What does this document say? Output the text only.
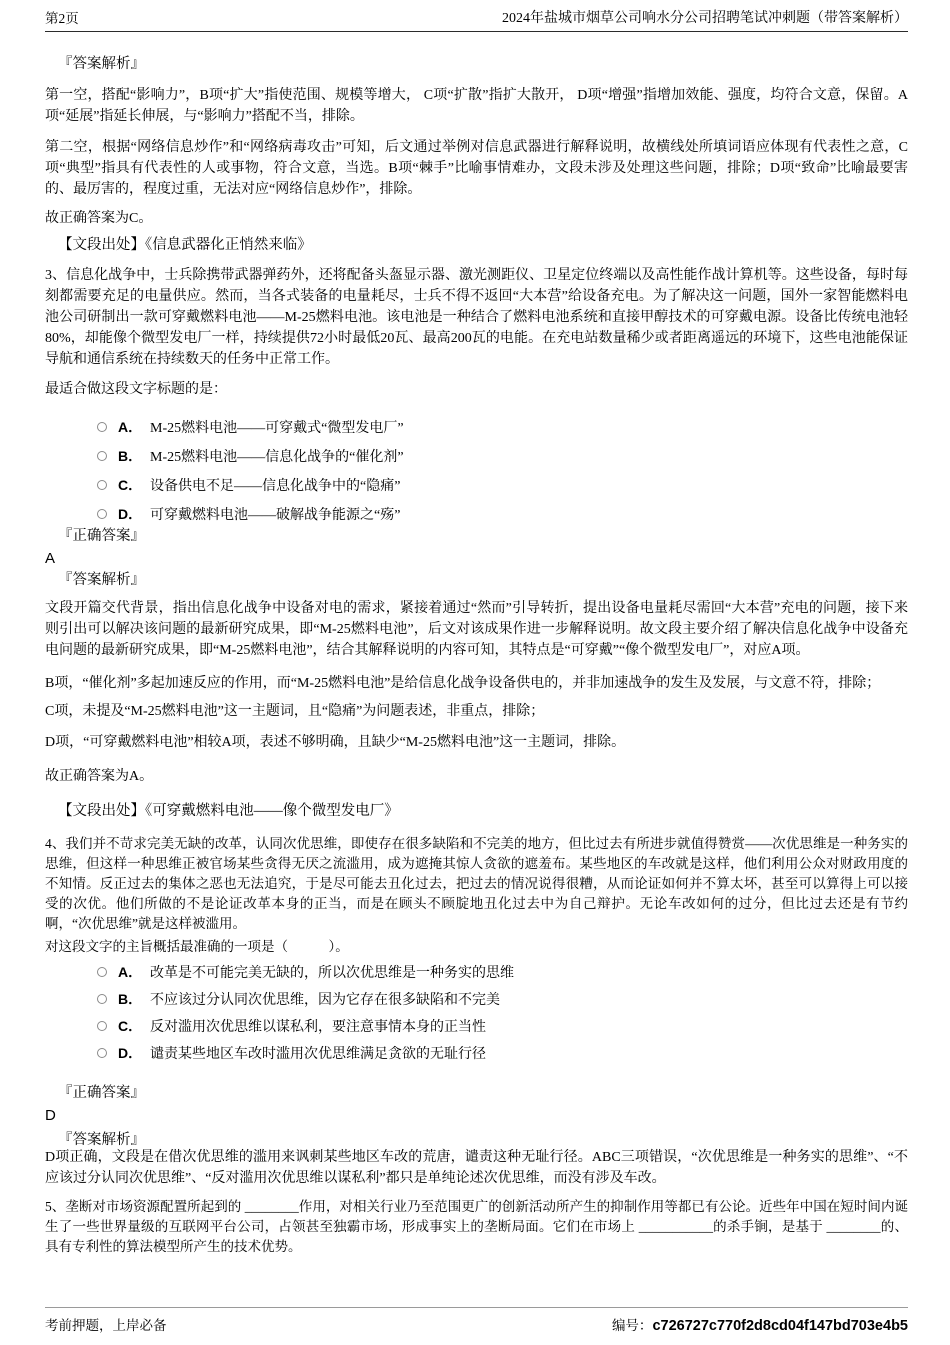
第2页	2024年盐城市烟草公司响水分公司招聘笔试冲刺题（带答案解析）

『答案解析』

第一空，搭配“影响力”，B项“扩大”指使范围、规模等增大， C项“扩散”指扩大散开， D项“增强”指增加效能、强度，均符合文意，保留。A项“延展”指延长伸展，与“影响力”搭配不当，排除。

第二空，根据“网络信息炒作”和“网络病毒攻击”可知，后文通过举例对信息武器进行解释说明，故横线处所填词语应体现有代表性之意，C项“典型”指具有代表性的人或事物，符合文意，当选。B项“棘手”比喻事情难办，文段未涉及处理这些问题，排除；D项“致命”比喻最要害的、最厉害的，程度过重，无法对应“网络信息炒作”，排除。

故正确答案为C。

【文段出处】《信息武器化正悄然来临》

3、信息化战争中，士兵除携带武器弹药外，还将配备头盔显示器、激光测距仪、卫星定位终端以及高性能作战计算机等。这些设备，每时每刻都需要充足的电量供应。然而，当各式装备的电量耗尽，士兵不得不返回“大本营”给设备充电。为了解决这一问题，国外一家智能燃料电池公司研制出一款可穿戴燃料电池——M-25燃料电池。该电池是一种结合了燃料电池系统和直接甲醇技术的可穿戴电源。设备比传统电池轻80%，却能像个微型发电厂一样，持续提供72小时最低20瓦、最高200瓦的电能。在充电站数量稀少或者距离遥远的环境下，这些电池能保证导航和通信系统在持续数天的任务中正常工作。

最适合做这段文字标题的是：

A． M-25燃料电池——可穿戴式“微型发电厂”
B． M-25燃料电池——信息化战争的“催化剂”
C． 设备供电不足——信息化战争中的“隐痛”
D． 可穿戴燃料电池——破解战争能源之“殇”

『正确答案』

A

『答案解析』

文段开篇交代背景，指出信息化战争中设备对电的需求，紧接着通过“然而”引导转折，提出设备电量耗尽需回“大本营”充电的问题，接下来则引出可以解决该问题的最新研究成果，即“M-25燃料电池”，后文对该成果作进一步解释说明。故文段主要介绍了解决信息化战争中设备充电问题的最新研究成果，即“M-25燃料电池”，结合其解释说明的内容可知，其特点是“可穿戴”“像个微型发电厂”，对应A项。

B项，“催化剂”多起加速反应的作用，而“M-25燃料电池”是给信息化战争设备供电的，并非加速战争的发生及发展，与文意不符，排除；

C项，未提及“M-25燃料电池”这一主题词，且“隐痛”为问题表述，非重点，排除；

D项，“可穿戴燃料电池”相较A项，表述不够明确，且缺少“M-25燃料电池”这一主题词，排除。

故正确答案为A。

【文段出处】《可穿戴燃料电池——像个微型发电厂》

4、我们并不苛求完美无缺的改革，认同次优思维，即使存在很多缺陷和不完美的地方，但比过去有所进步就值得赞赏——次优思维是一种务实的思维，但这样一种思维正被官场某些贪得无厌之流滥用，成为遮掩其惊人贪欲的遮羞布。某些地区的车改就是这样，他们利用公众对财政用度的不知情。反正过去的集体之恶也无法追究，于是尽可能去丑化过去，把过去的情况说得很糟，从而论证如何并不算太坏，甚至可以算得上可以接受的次优。他们所做的不是论证改革本身的正当，而是在顾头不顾腚地丑化过去中为自己辩护。无论车改如何的过分，但比过去还是有节约啊，“次优思维”就是这样被滥用。

对这段文字的主旨概括最准确的一项是（　　　）。

A． 改革是不可能完美无缺的，所以次优思维是一种务实的思维
B． 不应该过分认同次优思维，因为它存在很多缺陷和不完美
C． 反对滥用次优思维以谋私利，要注意事情本身的正当性
D． 谴责某些地区车改时滥用次优思维满足贪欲的无耻行径

『正确答案』

D

『答案解析』

D项正确，文段是在借次优思维的滥用来讽刺某些地区车改的荒唐，谴责这种无耻行径。ABC三项错误，“次优思维是一种务实的思维”、“不应该过分认同次优思维”、“反对滥用次优思维以谋私利”都只是单纯论述次优思维，而没有涉及车改。

5、垄断对市场资源配置所起到的 ________作用，对相关行业乃至范围更广的创新活动所产生的抑制作用等都已有公论。近些年中国在短时间内诞生了一些世界量级的互联网平台公司，占领甚至独霸市场，形成事实上的垄断局面。它们在市场上 ___________的杀手锏，是基于 ________的、具有专利性的算法模型所产生的技术优势。

考前押题，上岸必备	编号： c726727c770f2d8cd04f147bd703e4b5
